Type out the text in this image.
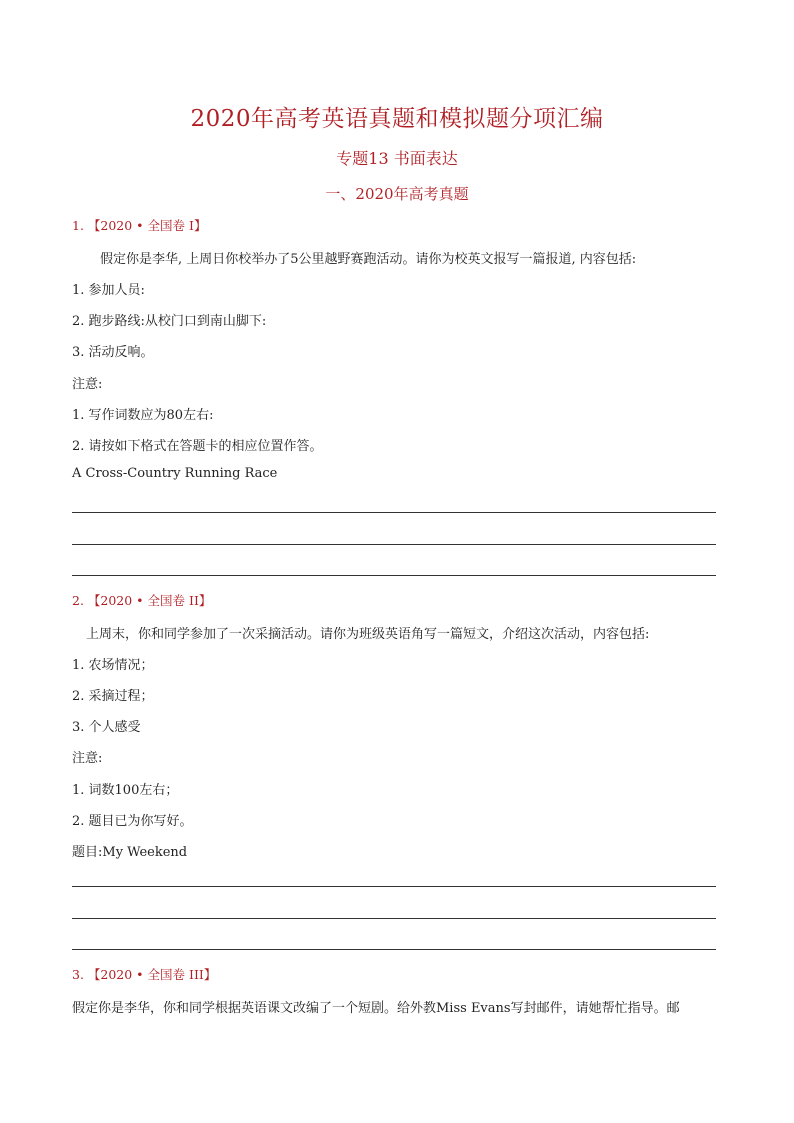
2020年高考英语真题和模拟题分项汇编
专题13 书面表达
一、2020年高考真题
1. 【2020 • 全国卷 I】
假定你是李华, 上周日你校举办了5公里越野赛跑活动。请你为校英文报写一篇报道, 内容包括:
1. 参加人员:
2. 跑步路线:从校门口到南山脚下:
3. 活动反响。
注意:
1. 写作词数应为80左右:
2. 请按如下格式在答题卡的相应位置作答。
A Cross-Country Running Race
2. 【2020 • 全国卷 II】
上周末，你和同学参加了一次采摘活动。请你为班级英语角写一篇短文，介绍这次活动，内容包括:
1. 农场情况；
2. 采摘过程；
3. 个人感受
注意:
1. 词数100左右；
2. 题目已为你写好。
题目:My Weekend
3. 【2020 • 全国卷 III】
假定你是李华，你和同学根据英语课文改编了一个短剧。给外教Miss Evans写封邮件，请她帮忙指导。邮
